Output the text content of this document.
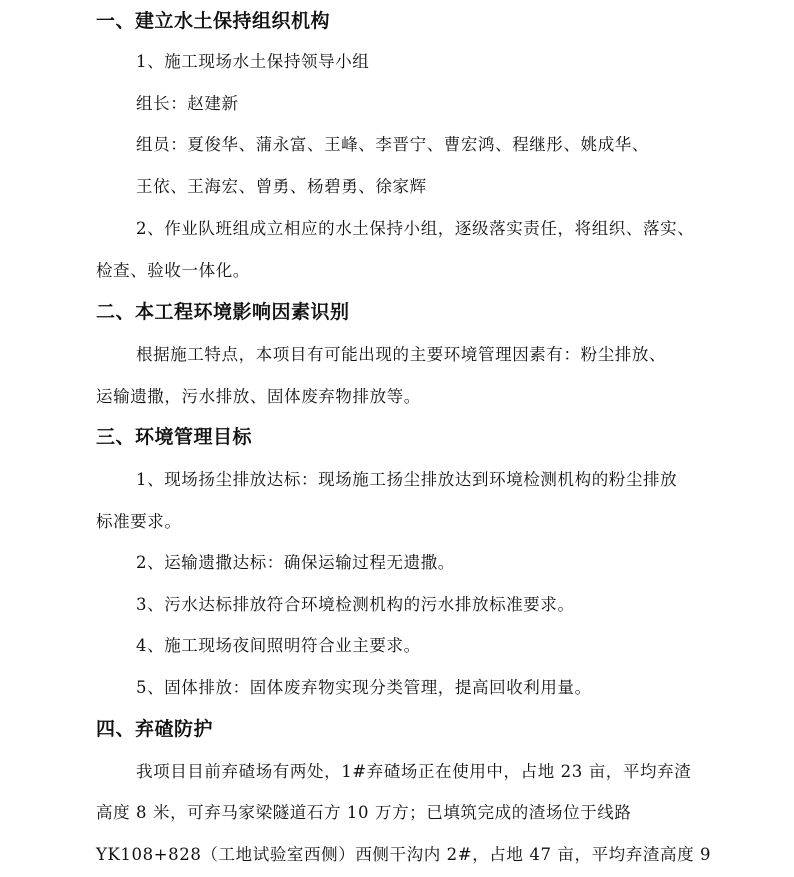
一、建立水土保持组织机构
1、施工现场水土保持领导小组
组长：赵建新
组员：夏俊华、蒲永富、王峰、李晋宁、曹宏鸿、程继彤、姚成华、
王依、王海宏、曾勇、杨碧勇、徐家辉
2、作业队班组成立相应的水土保持小组，逐级落实责任，将组织、落实、
检查、验收一体化。
二、本工程环境影响因素识别
根据施工特点，本项目有可能出现的主要环境管理因素有：粉尘排放、
运输遗撒，污水排放、固体废弃物排放等。
三、环境管理目标
1、现场扬尘排放达标：现场施工扬尘排放达到环境检测机构的粉尘排放
标准要求。
2、运输遗撒达标：确保运输过程无遗撒。
3、污水达标排放符合环境检测机构的污水排放标准要求。
4、施工现场夜间照明符合业主要求。
5、固体排放：固体废弃物实现分类管理，提高回收利用量。
四、弃碴防护
我项目目前弃碴场有两处，1#弃碴场正在使用中，占地 23 亩，平均弃渣
高度 8 米，可弃马家梁隧道石方 10 万方；已填筑完成的渣场位于线路
YK108+828（工地试验室西侧）西侧干沟内 2#，占地 47 亩，平均弃渣高度 9
